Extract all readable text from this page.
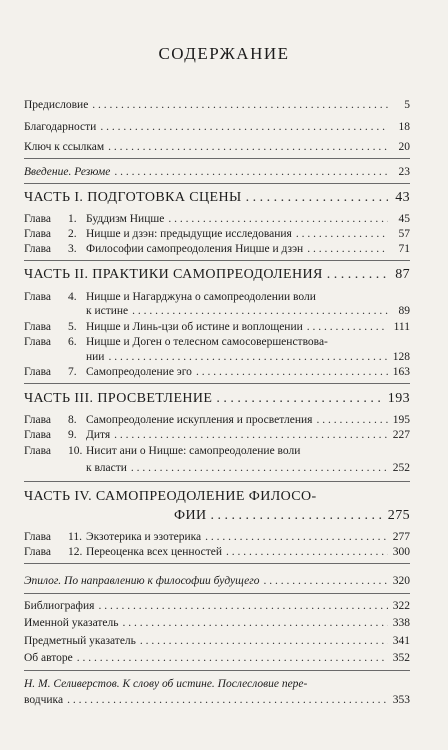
СОДЕРЖАНИЕ
Предисловие . . .	5
Благодарности . . .	18
Ключ к ссылкам . . .	20
Введение. Резюме . . .	23
ЧАСТЬ I. ПОДГОТОВКА СЦЕНЫ . . .	43
Глава 1. Буддизм Ницше . . .	45
Глава 2. Ницше и дзэн: предыдущие исследования . . .	57
Глава 3. Философии самопреодоления Ницше и дзэн . . .	71
ЧАСТЬ II. ПРАКТИКИ САМОПРЕОДОЛЕНИЯ . . .	87
Глава 4. Ницше и Нагарджуна о самопреодолении воли
к истине . . .	89
Глава 5. Ницше и Линь-цзи об истине и воплощении . . .	111
Глава 6. Ницше и Доген о телесном самосовершенствова-
нии . . .	128
Глава 7. Самопреодоление эго . . .	163
ЧАСТЬ III. ПРОСВЕТЛЕНИЕ . . .	193
Глава 8. Самопреодоление искупления и просветления . . .	195
Глава 9. Дитя . . .	227
Глава 10. Нисит ани о Ницше: самопреодоление воли
к власти . . .	252
ЧАСТЬ IV. САМОПРЕОДОЛЕНИЕ ФИЛОСО-
ФИИ . . .	275
Глава 11. Экзотерика и эзотерика . . .	277
Глава 12. Переоценка всех ценностей . . .	300
Эпилог. По направлению к философии будущего . . .	320
Библиография . . .	322
Именной указатель . . .	338
Предметный указатель . . .	341
Об авторе . . .	352
Н. М. Селиверстов. К слову об истине. Послесловие пере-
водчика . . .	353
